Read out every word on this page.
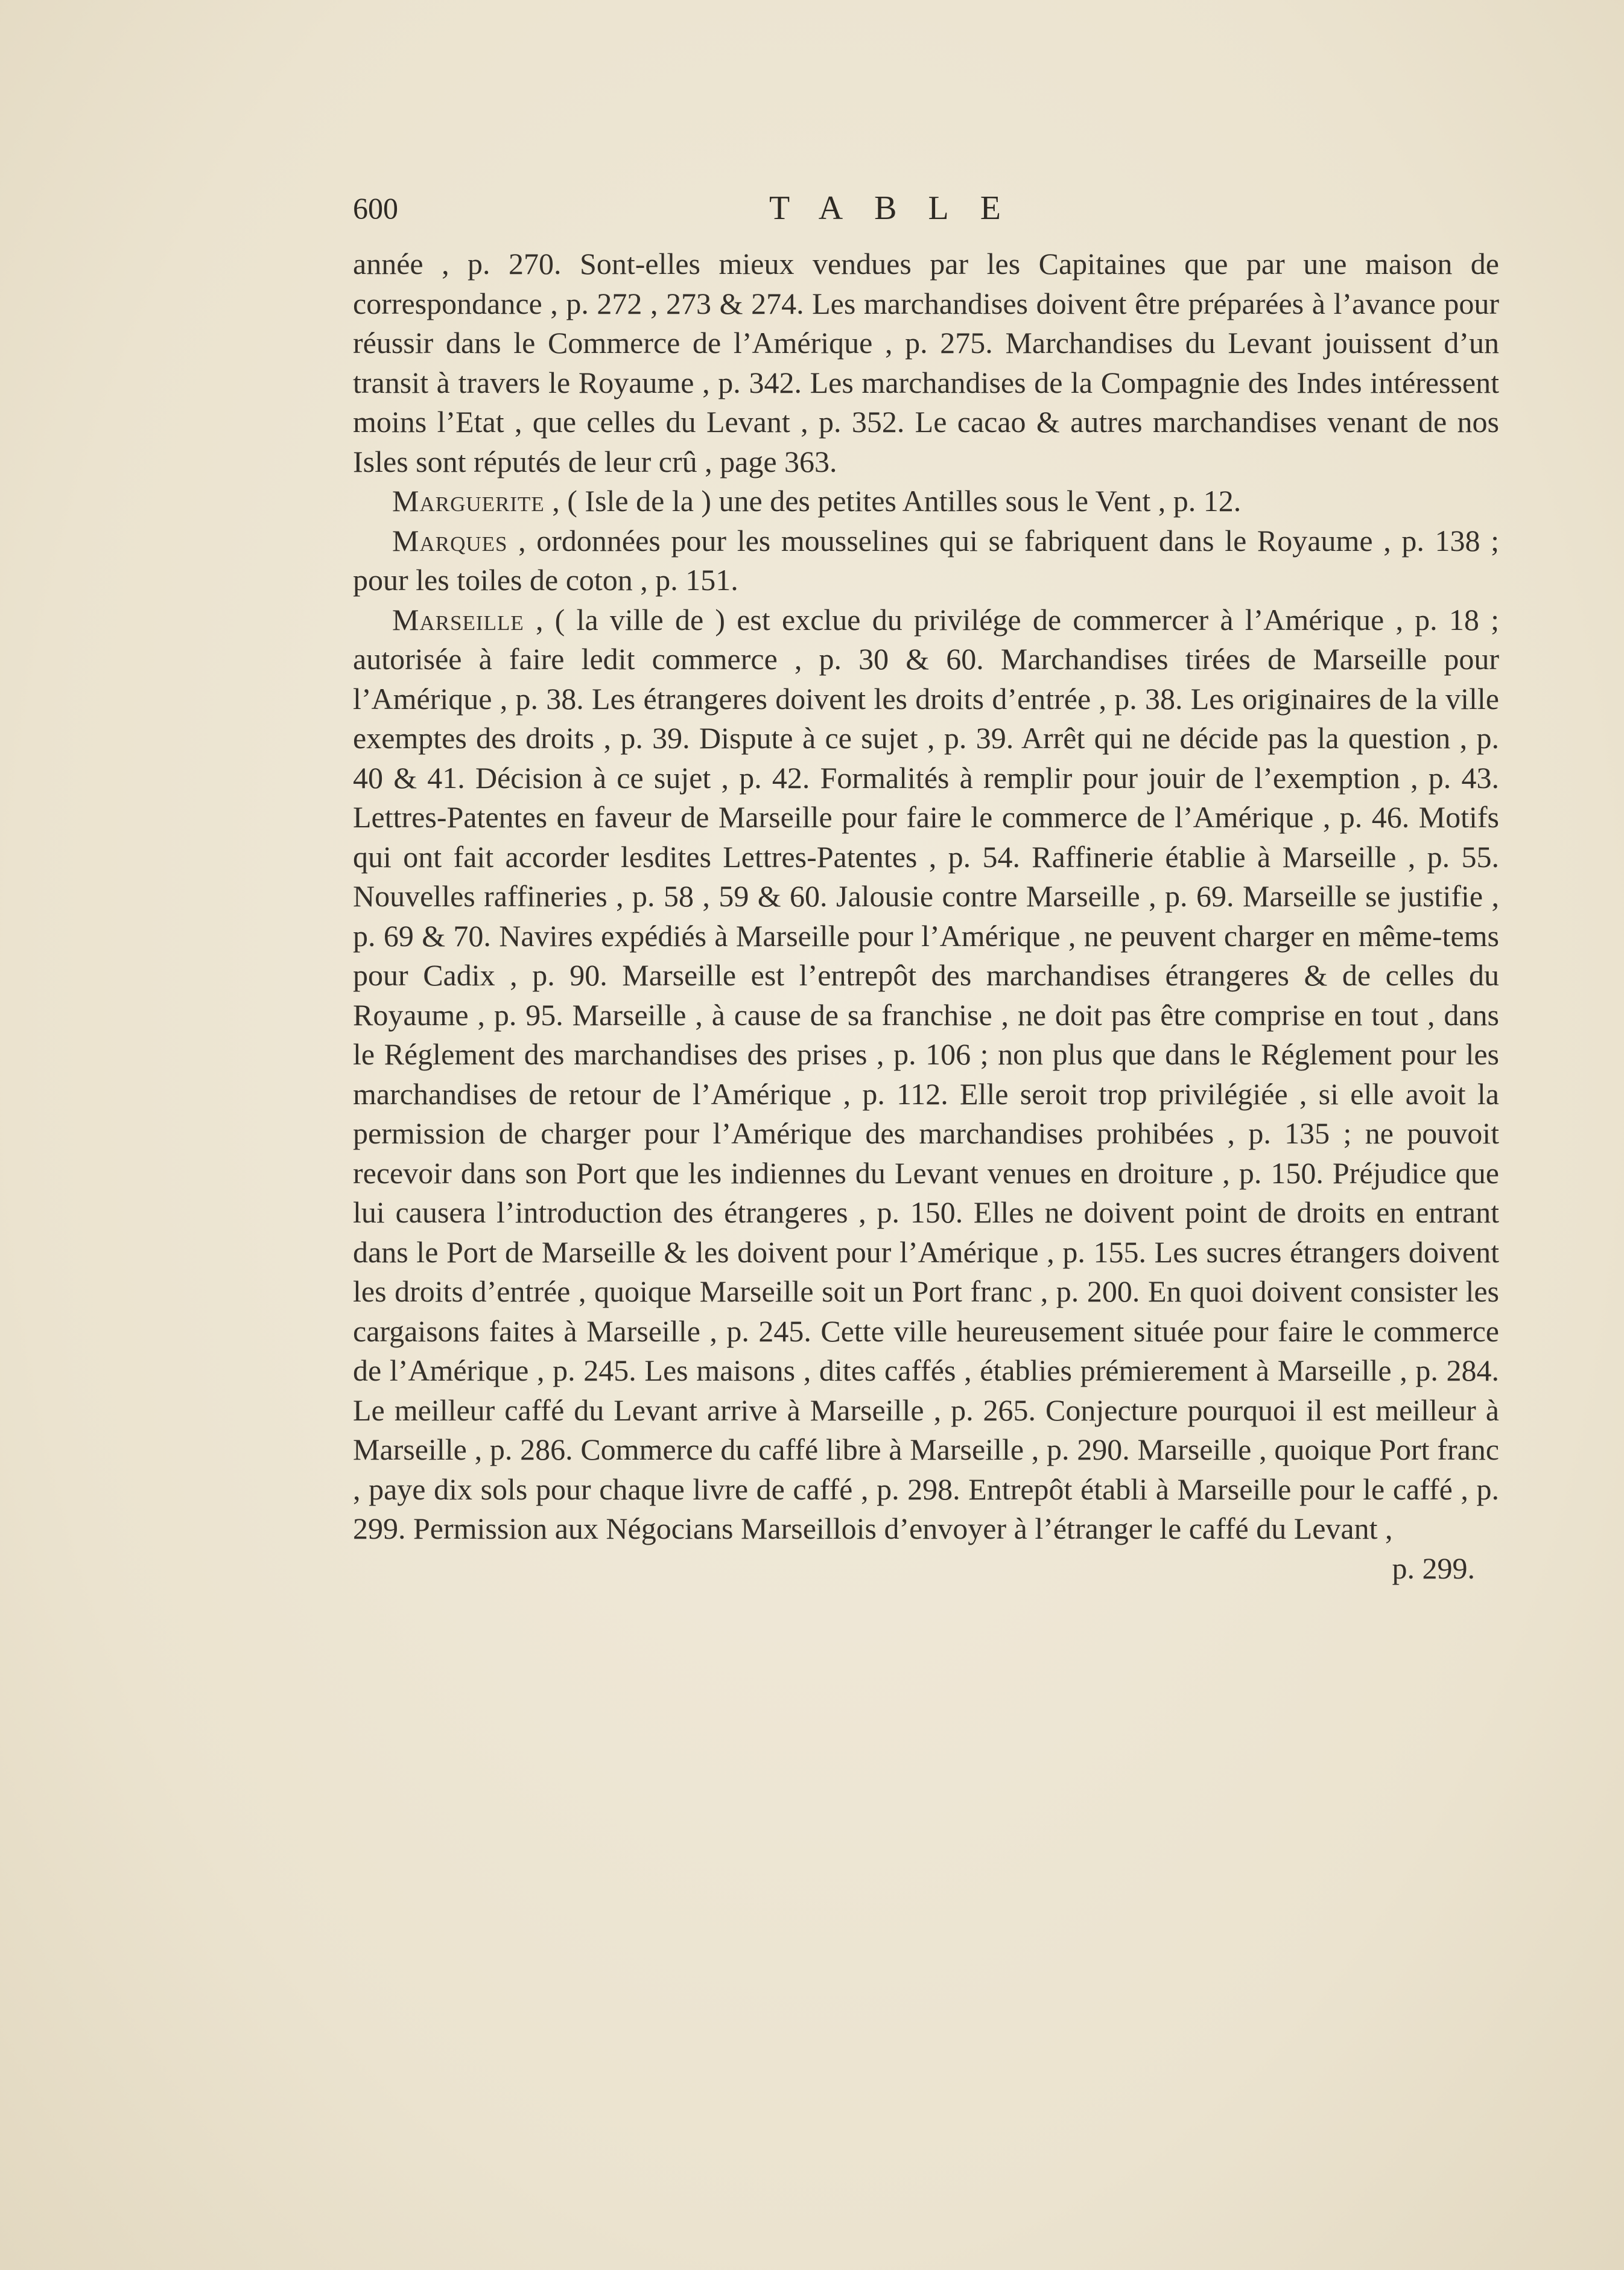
600	TABLE

année , p. 270. Sont-elles mieux vendues par les Capitaines que par une maison de correspondance , p. 272 , 273 & 274. Les marchandises doivent être préparées à l’avance pour réussir dans le Commerce de l’Amérique , p. 275. Marchandises du Levant jouissent d’un transit à travers le Royaume , p. 342. Les marchandises de la Compagnie des Indes intéressent moins l’Etat , que celles du Levant , p. 352. Le cacao & autres marchandises venant de nos Isles sont réputés de leur crû , page 363.

Marguerite , ( Isle de la ) une des petites Antilles sous le Vent , p. 12.

Marques , ordonnées pour les mousselines qui se fabriquent dans le Royaume , p. 138 ; pour les toiles de coton , p. 151.

Marseille , ( la ville de ) est exclue du privilége de commercer à l’Amérique , p. 18 ; autorisée à faire ledit commerce , p. 30 & 60. Marchandises tirées de Marseille pour l’Amérique , p. 38. Les étrangeres doivent les droits d’entrée , p. 38. Les originaires de la ville exemptes des droits , p. 39. Dispute à ce sujet , p. 39. Arrêt qui ne décide pas la question , p. 40 & 41. Décision à ce sujet , p. 42. Formalités à remplir pour jouir de l’exemption , p. 43. Lettres-Patentes en faveur de Marseille pour faire le commerce de l’Amérique , p. 46. Motifs qui ont fait accorder lesdites Lettres-Patentes , p. 54. Raffinerie établie à Marseille , p. 55. Nouvelles raffineries , p. 58 , 59 & 60. Jalousie contre Marseille , p. 69. Marseille se justifie , p. 69 & 70. Navires expédiés à Marseille pour l’Amérique , ne peuvent charger en même-tems pour Cadix , p. 90. Marseille est l’entrepôt des marchandises étrangeres & de celles du Royaume , p. 95. Marseille , à cause de sa franchise , ne doit pas être comprise en tout , dans le Réglement des marchandises des prises , p. 106 ; non plus que dans le Réglement pour les marchandises de retour de l’Amérique , p. 112. Elle seroit trop privilégiée , si elle avoit la permission de charger pour l’Amérique des marchandises prohibées , p. 135 ; ne pouvoit recevoir dans son Port que les indiennes du Levant venues en droiture , p. 150. Préjudice que lui causera l’introduction des étrangeres , p. 150. Elles ne doivent point de droits en entrant dans le Port de Marseille & les doivent pour l’Amérique , p. 155. Les sucres étrangers doivent les droits d’entrée , quoique Marseille soit un Port franc , p. 200. En quoi doivent consister les cargaisons faites à Marseille , p. 245. Cette ville heureusement située pour faire le commerce de l’Amérique , p. 245. Les maisons , dites caffés , établies prémierement à Marseille , p. 284. Le meilleur caffé du Levant arrive à Marseille , p. 265. Conjecture pourquoi il est meilleur à Marseille , p. 286. Commerce du caffé libre à Marseille , p. 290. Marseille , quoique Port franc , paye dix sols pour chaque livre de caffé , p. 298. Entrepôt établi à Marseille pour le caffé , p. 299. Permission aux Négocians Marseillois d’envoyer à l’étranger le caffé du Levant ,

p. 299.
